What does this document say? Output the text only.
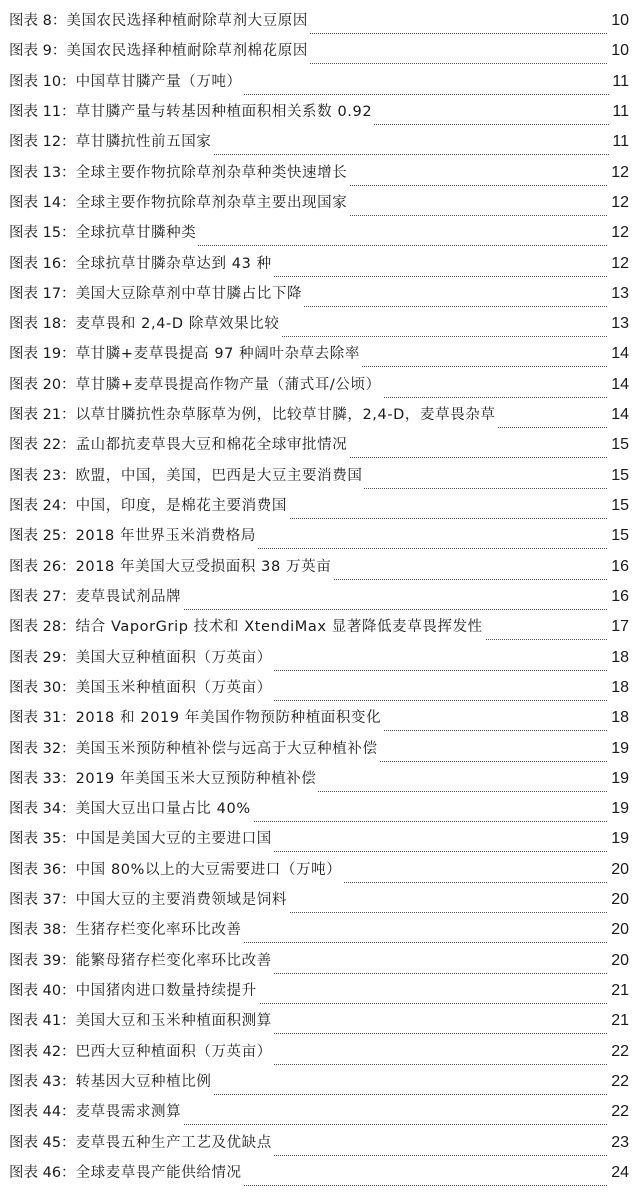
图表 8：美国农民选择种植耐除草剂大豆原因	10
图表 9：美国农民选择种植耐除草剂棉花原因	10
图表 10：中国草甘膦产量（万吨）	11
图表 11：草甘膦产量与转基因种植面积相关系数 0.92	11
图表 12：草甘膦抗性前五国家	11
图表 13：全球主要作物抗除草剂杂草种类快速增长	12
图表 14：全球主要作物抗除草剂杂草主要出现国家	12
图表 15：全球抗草甘膦种类	12
图表 16：全球抗草甘膦杂草达到 43 种	12
图表 17：美国大豆除草剂中草甘膦占比下降	13
图表 18：麦草畏和 2,4-D 除草效果比较	13
图表 19：草甘膦+麦草畏提高 97 种阔叶杂草去除率	14
图表 20：草甘膦+麦草畏提高作物产量（蒲式耳/公顷）	14
图表 21：以草甘膦抗性杂草豚草为例，比较草甘膦，2,4-D，麦草畏杂草	14
图表 22：孟山都抗麦草畏大豆和棉花全球审批情况	15
图表 23：欧盟，中国，美国，巴西是大豆主要消费国	15
图表 24：中国，印度，是棉花主要消费国	15
图表 25：2018 年世界玉米消费格局	15
图表 26：2018 年美国大豆受损面积 38 万英亩	16
图表 27：麦草畏试剂品牌	16
图表 28：结合 VaporGrip 技术和 XtendiMax 显著降低麦草畏挥发性	17
图表 29：美国大豆种植面积（万英亩）	18
图表 30：美国玉米种植面积（万英亩）	18
图表 31：2018 和 2019 年美国作物预防种植面积变化	18
图表 32：美国玉米预防种植补偿与远高于大豆种植补偿	19
图表 33：2019 年美国玉米大豆预防种植补偿	19
图表 34：美国大豆出口量占比 40%	19
图表 35：中国是美国大豆的主要进口国	19
图表 36：中国 80%以上的大豆需要进口（万吨）	20
图表 37：中国大豆的主要消费领域是饲料	20
图表 38：生猪存栏变化率环比改善	20
图表 39：能繁母猪存栏变化率环比改善	20
图表 40：中国猪肉进口数量持续提升	21
图表 41：美国大豆和玉米种植面积测算	21
图表 42：巴西大豆种植面积（万英亩）	22
图表 43：转基因大豆种植比例	22
图表 44：麦草畏需求测算	22
图表 45：麦草畏五种生产工艺及优缺点	23
图表 46：全球麦草畏产能供给情况	24
